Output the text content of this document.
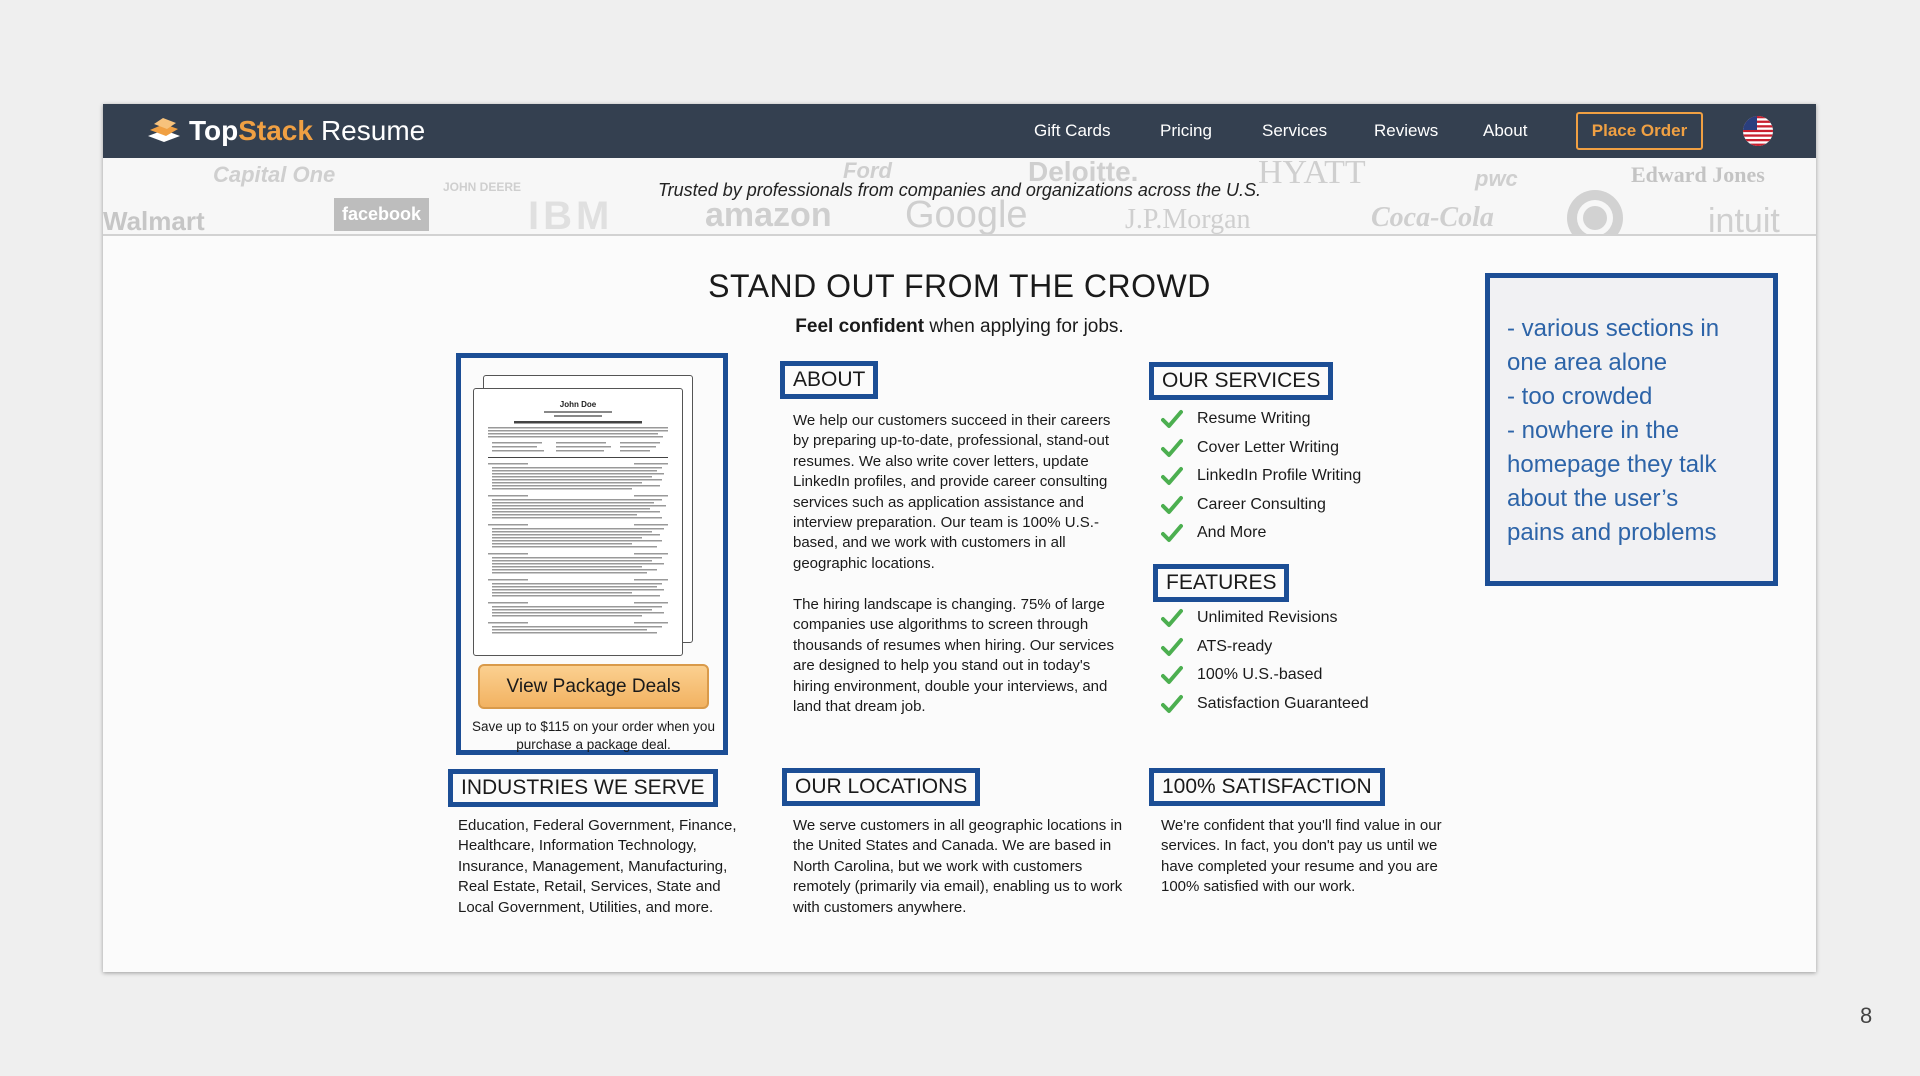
TopStack Resume	Gift Cards	Pricing	Services	Reviews	About	Place Order
Capital One	JOHN DEERE
Ford	Deloitte.	HYATT	pwc	Edward Jones
Walmart	facebook	IBM	amazon Google	J.P.Morgan	Coca-Cola	intuit
Trusted by professionals from companies and organizations across the U.S.
STAND OUT FROM THE CROWD
Feel confident when applying for jobs.
John Doe
View Package Deals
Save up to $115 on your order when you purchase a package deal.
ABOUT

We help our customers succeed in their careers by preparing up-to-date, professional, stand-out resumes. We also write cover letters, update LinkedIn profiles, and provide career consulting services such as application assistance and interview preparation. Our team is 100% U.S.-based, and we work with customers in all geographic locations.

The hiring landscape is changing. 75% of large companies use algorithms to screen through thousands of resumes when hiring. Our services are designed to help you stand out in today's hiring environment, double your interviews, and land that dream job.

OUR SERVICES
Resume Writing
Cover Letter Writing
LinkedIn Profile Writing
Career Consulting
And More
FEATURES
Unlimited Revisions
ATS-ready
100% U.S.-based
Satisfaction Guaranteed
INDUSTRIES WE SERVE

Education, Federal Government, Finance, Healthcare, Information Technology, Insurance, Management, Manufacturing, Real Estate, Retail, Services, State and Local Government, Utilities, and more.

OUR LOCATIONS

We serve customers in all geographic locations in the United States and Canada. We are based in North Carolina, but we work with customers remotely (primarily via email), enabling us to work with customers anywhere.

100% SATISFACTION

We're confident that you'll find value in our services. In fact, you don't pay us until we have completed your resume and you are 100% satisfied with our work.

- various sections in
one area alone
- too crowded
- nowhere in the
homepage they talk
about the user’s
pains and problems
8
